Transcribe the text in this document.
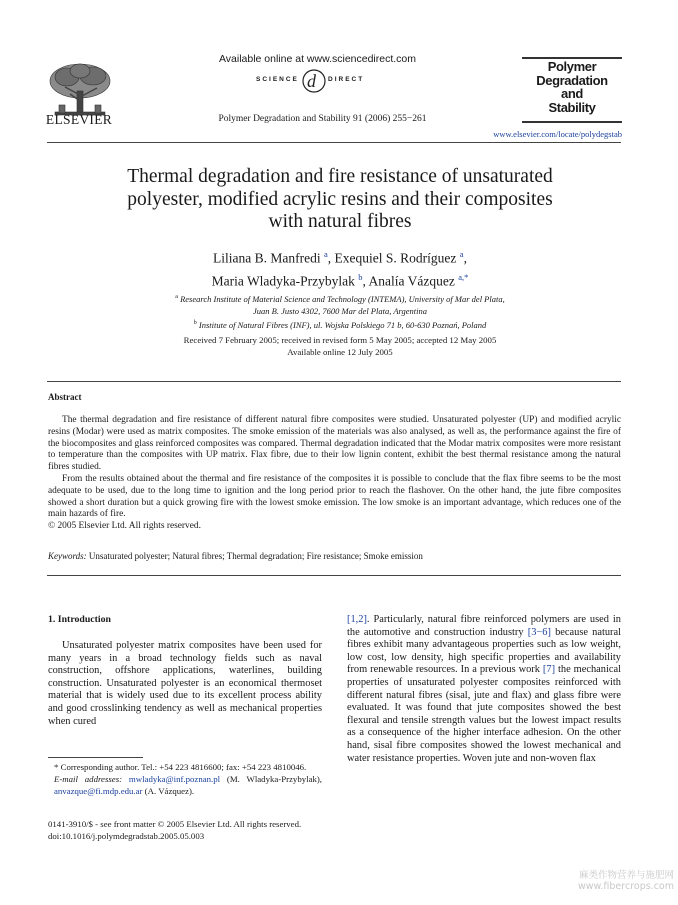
ELSEVIER
Available online at www.sciencedirect.com
d
SCIENCE	DIRECT
Polymer Degradation and Stability 91 (2006) 255−261
Polymer
Degradation
and
Stability
www.elsevier.com/locate/polydegstab
Thermal degradation and fire resistance of unsaturated
polyester, modified acrylic resins and their composites
with natural fibres
Liliana B. Manfredi $^a$, Exequiel S. Rodríguez $^a$,
Maria Wladyka-Przybylak $^b$, Analía Vázquez $^{a,*}$
$^a$ Research Institute of Material Science and Technology (INTEMA), University of Mar del Plata,
Juan B. Justo 4302, 7600 Mar del Plata, Argentina
$^b$ Institute of Natural Fibres (INF), ul. Wojska Polskiego 71 b, 60-630 Poznań, Poland
Received 7 February 2005; received in revised form 5 May 2005; accepted 12 May 2005
Available online 12 July 2005
Abstract

The thermal degradation and fire resistance of different natural fibre composites were studied. Unsaturated polyester (UP) and modified acrylic resins (Modar) were used as matrix composites. The smoke emission of the materials was also analysed, as well as, the performance against the fire of the biocomposites and glass reinforced composites was compared. Thermal degradation indicated that the Modar matrix composites were more resistant to temperature than the composites with UP matrix. Flax fibre, due to their low lignin content, exhibit the best thermal resistance among the natural fibres studied.

From the results obtained about the thermal and fire resistance of the composites it is possible to conclude that the flax fibre seems to be the most adequate to be used, due to the long time to ignition and the long period prior to reach the flashover. On the other hand, the jute fibre composites showed a short duration but a quick growing fire with the lowest smoke emission. The low smoke is an important advantage, which reduces one of the main hazards of fire.

© 2005 Elsevier Ltd. All rights reserved.
Keywords: Unsaturated polyester; Natural fibres; Thermal degradation; Fire resistance; Smoke emission
1. Introduction
Unsaturated polyester matrix composites have been used for many years in a broad technology fields such as naval construction, offshore applications, waterlines, building construction. Unsaturated polyester is an economical thermoset material that is widely used due to its excellent process ability and good crosslinking tendency as well as mechanical properties when cured
[1,2]. Particularly, natural fibre reinforced polymers are used in the automotive and construction industry [3−6] because natural fibres exhibit many advantageous properties such as low weight, low cost, low density, high specific properties and availability from renewable resources. In a previous work [7] the mechanical properties of unsaturated polyester composites reinforced with different natural fibres (sisal, jute and flax) and glass fibre were evaluated. It was found that jute composites showed the best flexural and tensile strength values but the lowest impact results as a consequence of the higher interface adhesion. On the other hand, sisal fibre composites showed the lowest mechanical and water resistance properties. Woven jute and non-woven flax
* Corresponding author. Tel.: +54 223 4816600; fax: +54 223 4810046.
E-mail addresses: mwladyka@inf.poznan.pl (M. Wladyka-Przybylak), anvazque@fi.mdp.edu.ar (A. Vázquez).
0141-3910/$ - see front matter © 2005 Elsevier Ltd. All rights reserved.
doi:10.1016/j.polymdegradstab.2005.05.003
麻类作物营养与施肥网
www.fibercrops.com
